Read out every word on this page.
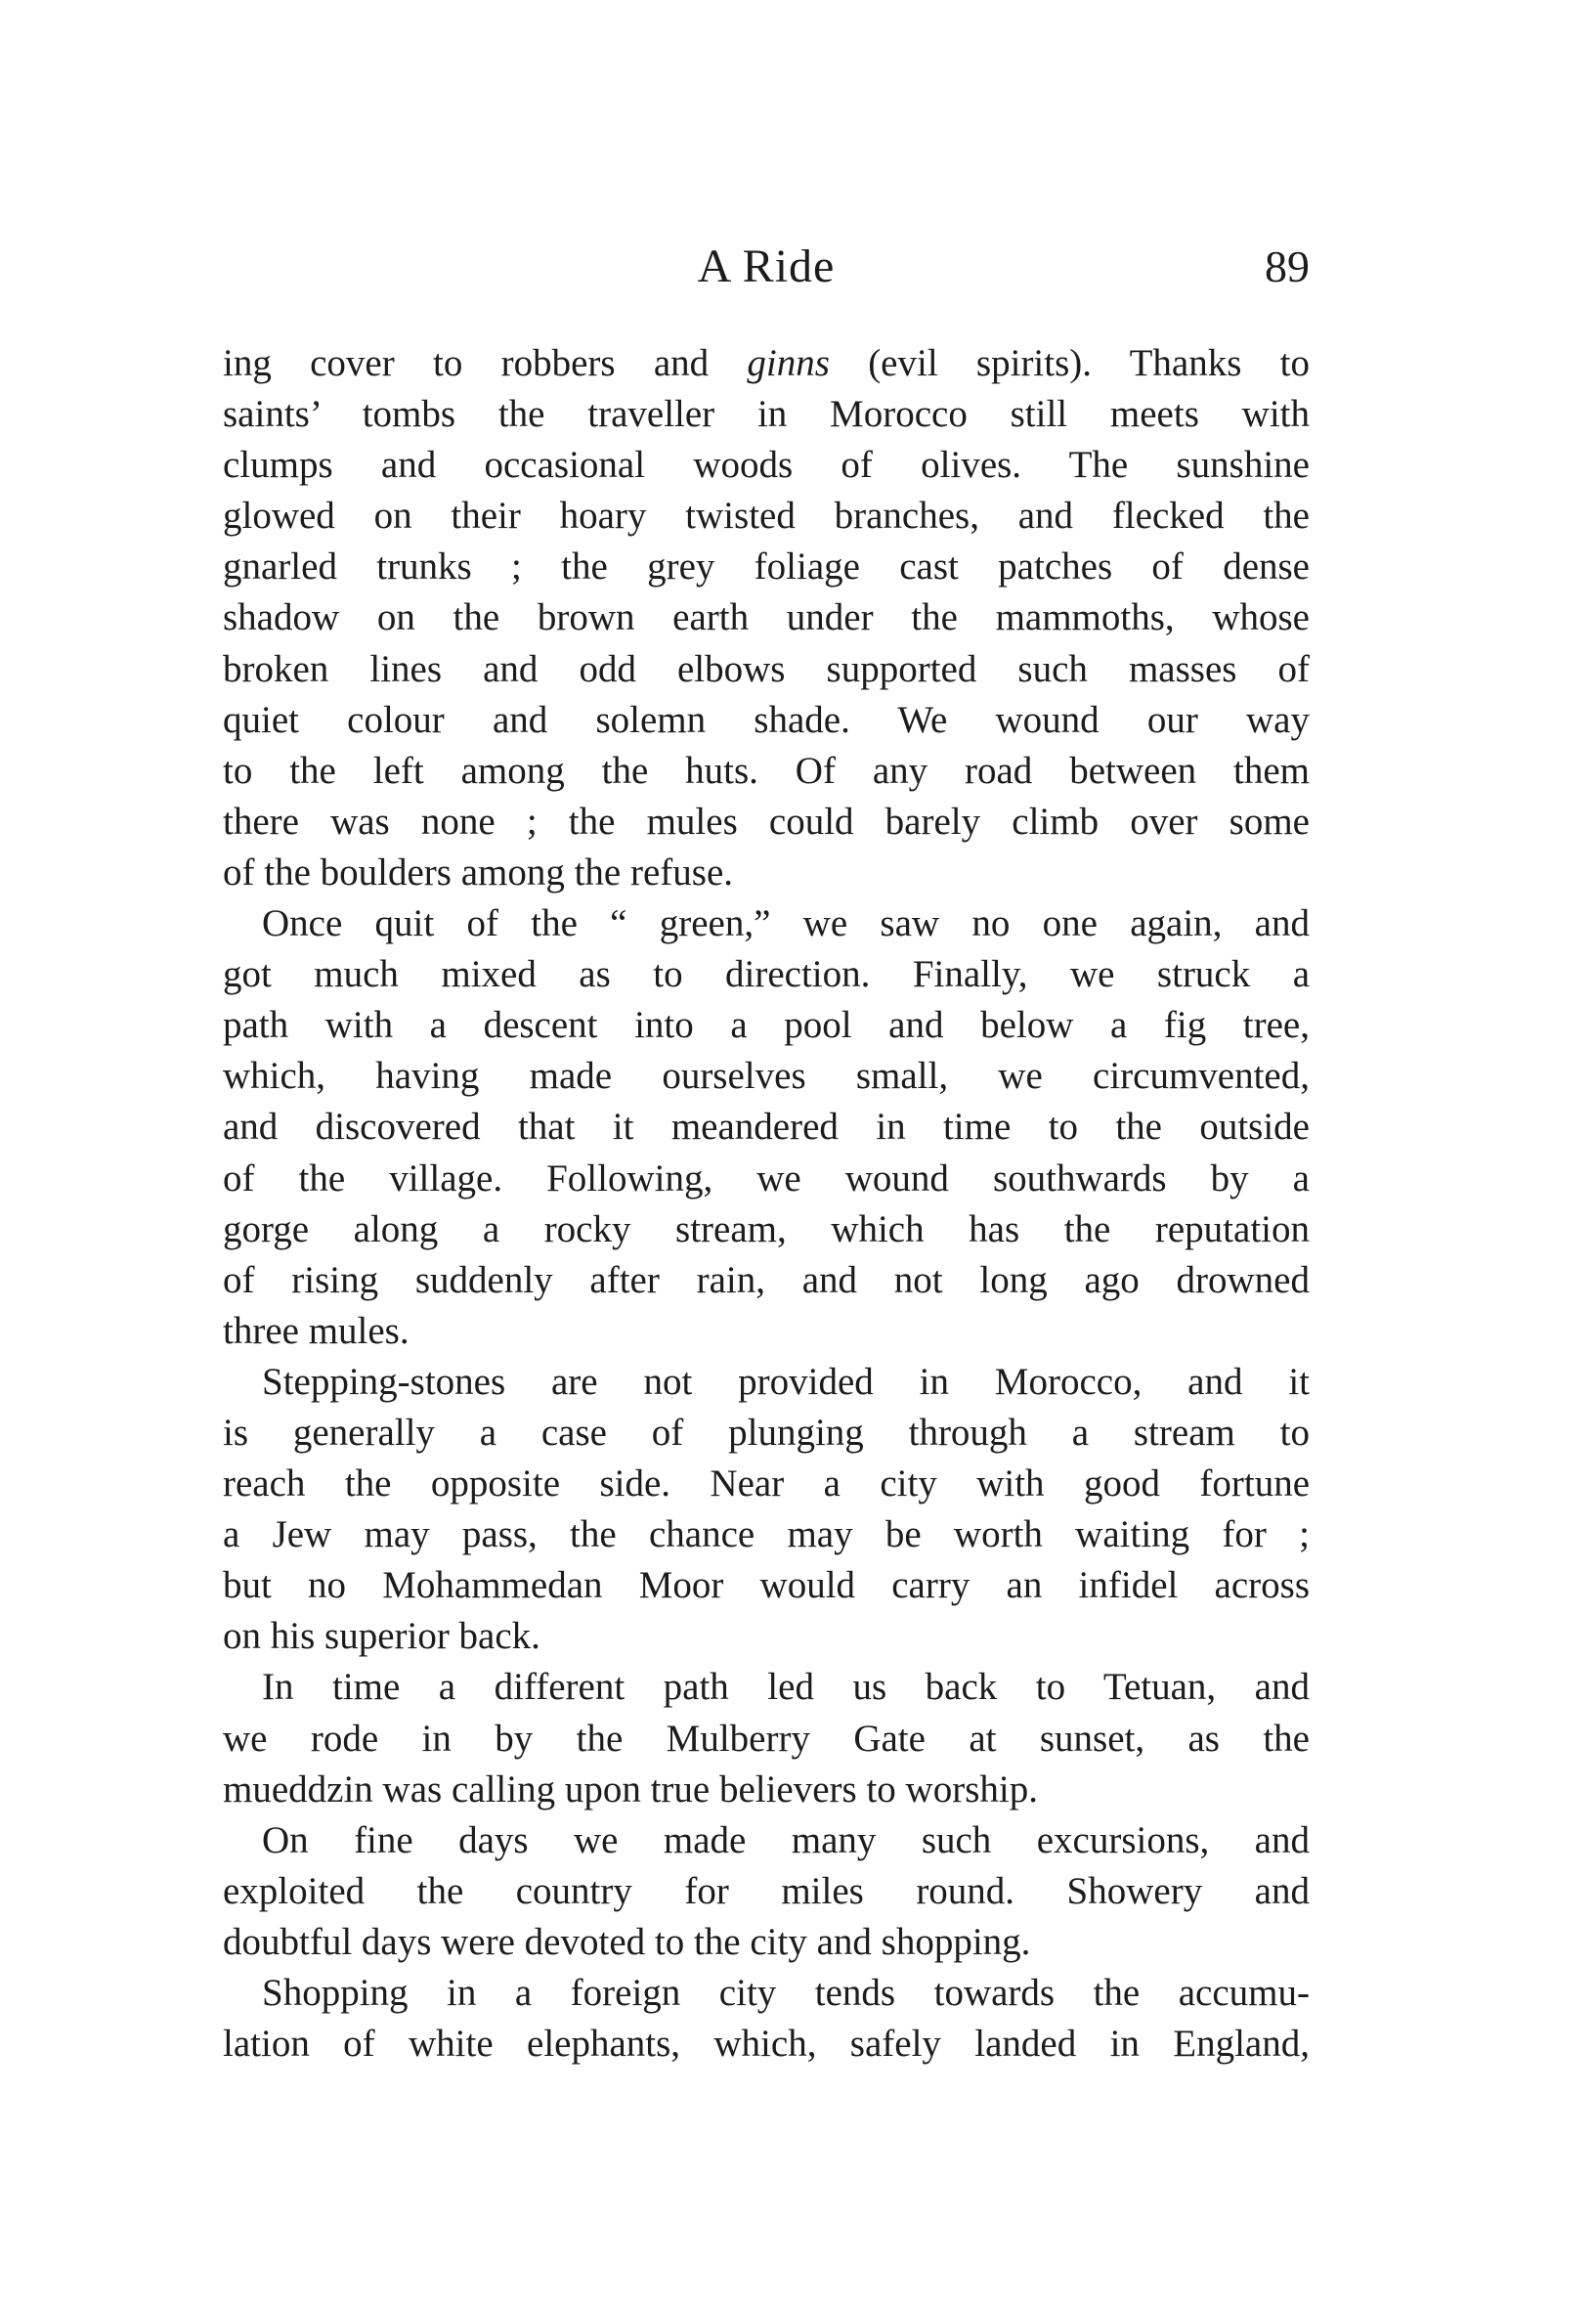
A Ride	89
ing cover to robbers and ginns (evil spirits). Thanks to
saints’ tombs the traveller in Morocco still meets with
clumps and occasional woods of olives. The sunshine
glowed on their hoary twisted branches, and flecked the
gnarled trunks ; the grey foliage cast patches of dense
shadow on the brown earth under the mammoths, whose
broken lines and odd elbows supported such masses of
quiet colour and solemn shade. We wound our way
to the left among the huts. Of any road between them
there was none ; the mules could barely climb over some
of the boulders among the refuse.
Once quit of the “ green,” we saw no one again, and
got much mixed as to direction. Finally, we struck a
path with a descent into a pool and below a fig tree,
which, having made ourselves small, we circumvented,
and discovered that it meandered in time to the outside
of the village. Following, we wound southwards by a
gorge along a rocky stream, which has the reputation
of rising suddenly after rain, and not long ago drowned
three mules.
Stepping-stones are not provided in Morocco, and it
is generally a case of plunging through a stream to
reach the opposite side. Near a city with good fortune
a Jew may pass, the chance may be worth waiting for ;
but no Mohammedan Moor would carry an infidel across
on his superior back.
In time a different path led us back to Tetuan, and
we rode in by the Mulberry Gate at sunset, as the
mueddzin was calling upon true believers to worship.
On fine days we made many such excursions, and
exploited the country for miles round. Showery and
doubtful days were devoted to the city and shopping.
Shopping in a foreign city tends towards the accumu-
lation of white elephants, which, safely landed in England,
